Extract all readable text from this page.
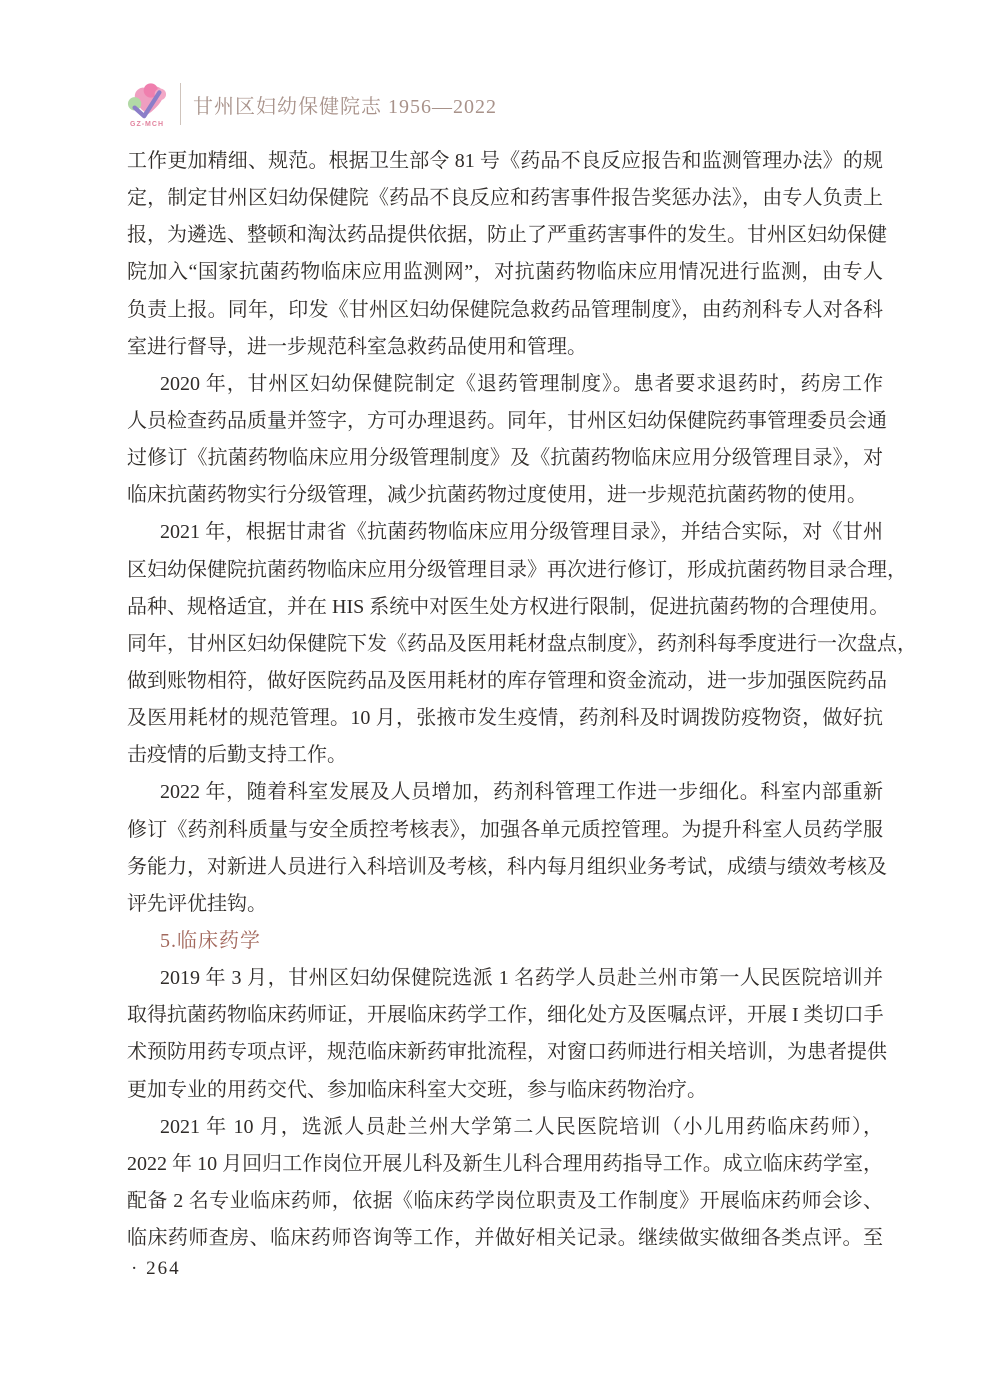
GZ-MCH
甘州区妇幼保健院志 1956—2022
工作更加精细、规范。根据卫生部令 81 号《药品不良反应报告和监测管理办法》的规
定，制定甘州区妇幼保健院《药品不良反应和药害事件报告奖惩办法》，由专人负责上
报，为遴选、整顿和淘汰药品提供依据，防止了严重药害事件的发生。甘州区妇幼保健
院加入“国家抗菌药物临床应用监测网”，对抗菌药物临床应用情况进行监测，由专人
负责上报。同年，印发《甘州区妇幼保健院急救药品管理制度》，由药剂科专人对各科
室进行督导，进一步规范科室急救药品使用和管理。
2020 年，甘州区妇幼保健院制定《退药管理制度》。患者要求退药时，药房工作
人员检查药品质量并签字，方可办理退药。同年，甘州区妇幼保健院药事管理委员会通
过修订《抗菌药物临床应用分级管理制度》及《抗菌药物临床应用分级管理目录》，对
临床抗菌药物实行分级管理，减少抗菌药物过度使用，进一步规范抗菌药物的使用。
2021 年，根据甘肃省《抗菌药物临床应用分级管理目录》，并结合实际，对《甘州
区妇幼保健院抗菌药物临床应用分级管理目录》再次进行修订，形成抗菌药物目录合理，
品种、规格适宜，并在 HIS 系统中对医生处方权进行限制，促进抗菌药物的合理使用。
同年，甘州区妇幼保健院下发《药品及医用耗材盘点制度》，药剂科每季度进行一次盘点，
做到账物相符，做好医院药品及医用耗材的库存管理和资金流动，进一步加强医院药品
及医用耗材的规范管理。10 月，张掖市发生疫情，药剂科及时调拨防疫物资，做好抗
击疫情的后勤支持工作。
2022 年，随着科室发展及人员增加，药剂科管理工作进一步细化。科室内部重新
修订《药剂科质量与安全质控考核表》，加强各单元质控管理。为提升科室人员药学服
务能力，对新进人员进行入科培训及考核，科内每月组织业务考试，成绩与绩效考核及
评先评优挂钩。
5.临床药学
2019 年 3 月，甘州区妇幼保健院选派 1 名药学人员赴兰州市第一人民医院培训并
取得抗菌药物临床药师证，开展临床药学工作，细化处方及医嘱点评，开展 I 类切口手
术预防用药专项点评，规范临床新药审批流程，对窗口药师进行相关培训，为患者提供
更加专业的用药交代、参加临床科室大交班，参与临床药物治疗。
2021 年 10 月，选派人员赴兰州大学第二人民医院培训（小儿用药临床药师），
2022 年 10 月回归工作岗位开展儿科及新生儿科合理用药指导工作。成立临床药学室，
配备 2 名专业临床药师，依据《临床药学岗位职责及工作制度》开展临床药师会诊、
临床药师查房、临床药师咨询等工作，并做好相关记录。继续做实做细各类点评。至
· 264
